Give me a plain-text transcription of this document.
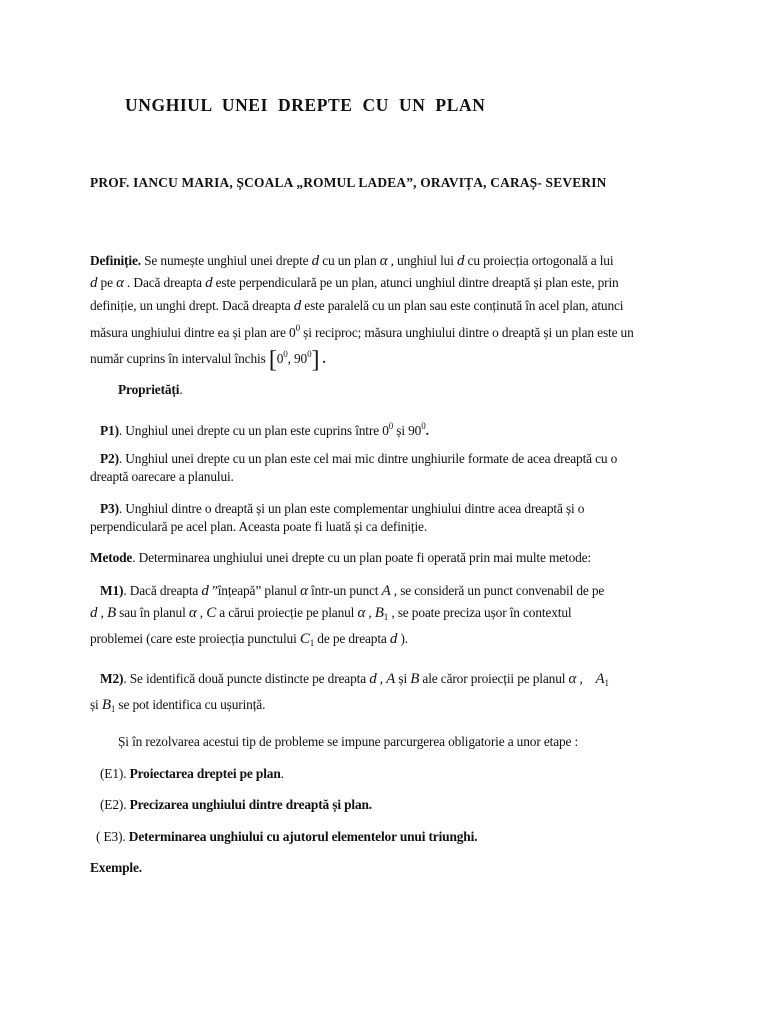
UNGHIUL UNEI DREPTE CU UN PLAN
PROF. IANCU MARIA, ȘCOALA „ROMUL LADEA”, ORAVIȚA, CARAȘ- SEVERIN
Definiție. Se numește unghiul unei drepte d cu un plan α , unghiul lui d cu proiecția ortogonală a lui
d pe α . Dacă dreapta d este perpendiculară pe un plan, atunci unghiul dintre dreaptă și plan este, prin
definiție, un unghi drept. Dacă dreapta d este paralelă cu un plan sau este conținută în acel plan, atunci
măsura unghiului dintre ea și plan are $0^0$ și reciproc; măsura unghiului dintre o dreaptă și un plan este un
număr cuprins în intervalul închis [$0^0$, $90^0$] .
Proprietăți.
P1). Unghiul unei drepte cu un plan este cuprins între $0^0$ și $90^0$.
P2). Unghiul unei drepte cu un plan este cel mai mic dintre unghiurile formate de acea dreaptă cu o
dreaptă oarecare a planului.
P3). Unghiul dintre o dreaptă și un plan este complementar unghiului dintre acea dreaptă și o
perpendiculară pe acel plan. Aceasta poate fi luată și ca definiție.
Metode. Determinarea unghiului unei drepte cu un plan poate fi operată prin mai multe metode:
M1). Dacă dreapta d ”înțeapă” planul α într-un punct A , se consideră un punct convenabil de pe
d , B sau în planul α , C a cărui proiecție pe planul α , $B_1$ , se poate preciza ușor în contextul
problemei (care este proiecția punctului $C_1$ de pe dreapta d ).
M2). Se identifică două puncte distincte pe dreapta d , A și B ale căror proiecții pe planul α , $A_1$
și $B_1$ se pot identifica cu ușurință.
Și în rezolvarea acestui tip de probleme se impune parcurgerea obligatorie a unor etape :
(E1). Proiectarea dreptei pe plan.
(E2). Precizarea unghiului dintre dreaptă și plan.
( E3). Determinarea unghiului cu ajutorul elementelor unui triunghi.
Exemple.
